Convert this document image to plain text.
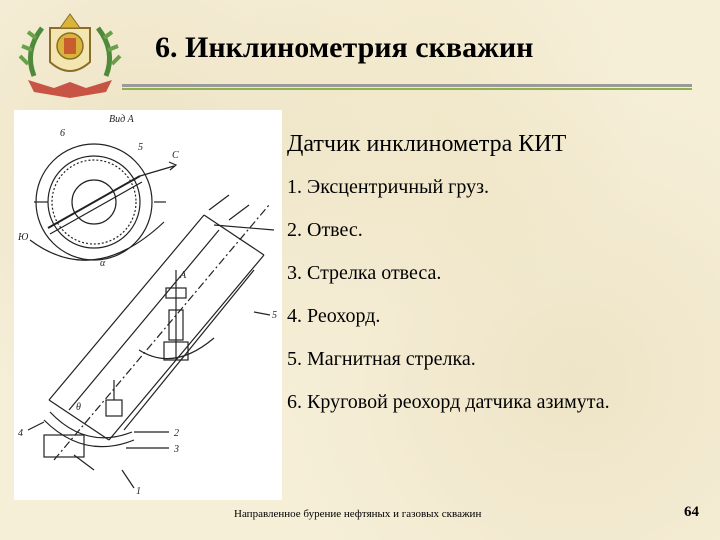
6. Инклинометрия скважин
Вид А
6
5
С
Ю
α
А
5
4	2
3
1
θ
Датчик инклинометра КИТ
1. Эксцентричный груз.
2. Отвес.
3. Стрелка отвеса.
4. Реохорд.
5. Магнитная стрелка.
6. Круговой реохорд датчика азимута.
Направленное бурение нефтяных и газовых скважин	64
